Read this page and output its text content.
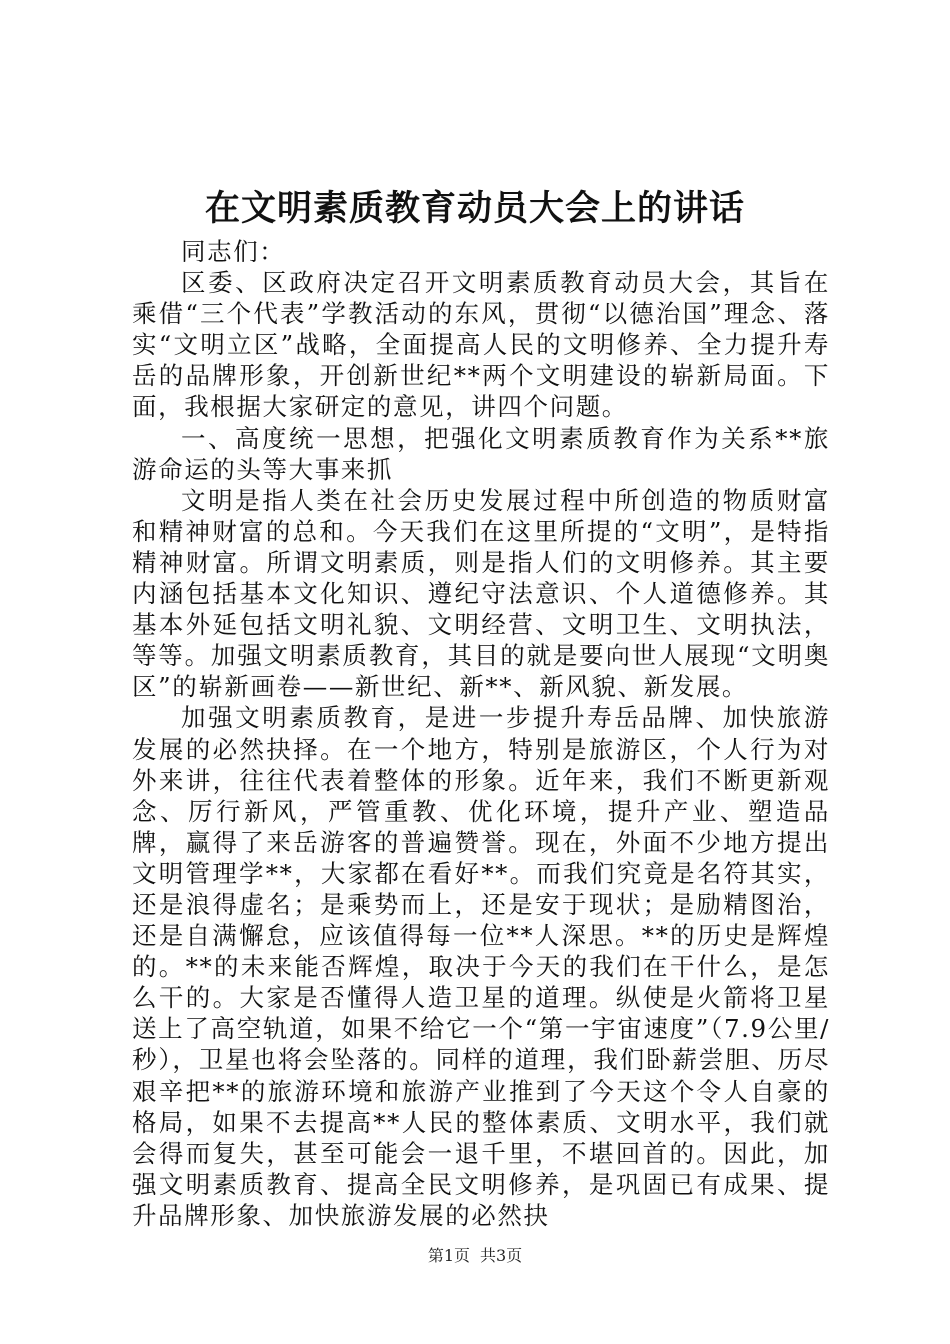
在文明素质教育动员大会上的讲话

同志们：

区委、区政府决定召开文明素质教育动员大会，其旨在乘借“三个代表”学教活动的东风，贯彻“以德治国”理念、落实“文明立区”战略，全面提高人民的文明修养、全力提升寿岳的品牌形象，开创新世纪**两个文明建设的崭新局面。下面，我根据大家研定的意见，讲四个问题。

一、高度统一思想，把强化文明素质教育作为关系**旅游命运的头等大事来抓

文明是指人类在社会历史发展过程中所创造的物质财富和精神财富的总和。今天我们在这里所提的“文明”，是特指精神财富。所谓文明素质，则是指人们的文明修养。其主要内涵包括基本文化知识、遵纪守法意识、个人道德修养。其基本外延包括文明礼貌、文明经营、文明卫生、文明执法，等等。加强文明素质教育，其目的就是要向世人展现“文明奥区”的崭新画卷——新世纪、新**、新风貌、新发展。

加强文明素质教育，是进一步提升寿岳品牌、加快旅游发展的必然抉择。在一个地方，特别是旅游区，个人行为对外来讲，往往代表着整体的形象。近年来，我们不断更新观念、厉行新风，严管重教、优化环境，提升产业、塑造品牌，赢得了来岳游客的普遍赞誉。现在，外面不少地方提出文明管理学**，大家都在看好**。而我们究竟是名符其实，还是浪得虚名；是乘势而上，还是安于现状；是励精图治，还是自满懈怠，应该值得每一位**人深思。**的历史是辉煌的。**的未来能否辉煌，取决于今天的我们在干什么，是怎么干的。大家是否懂得人造卫星的道理。纵使是火箭将卫星送上了高空轨道，如果不给它一个“第一宇宙速度”（7.9公里/秒），卫星也将会坠落的。同样的道理，我们卧薪尝胆、历尽艰辛把**的旅游环境和旅游产业推到了今天这个令人自豪的格局，如果不去提高**人民的整体素质、文明水平，我们就会得而复失，甚至可能会一退千里，不堪回首的。因此，加强文明素质教育、提高全民文明修养，是巩固已有成果、提升品牌形象、加快旅游发展的必然抉

第1页 共3页
